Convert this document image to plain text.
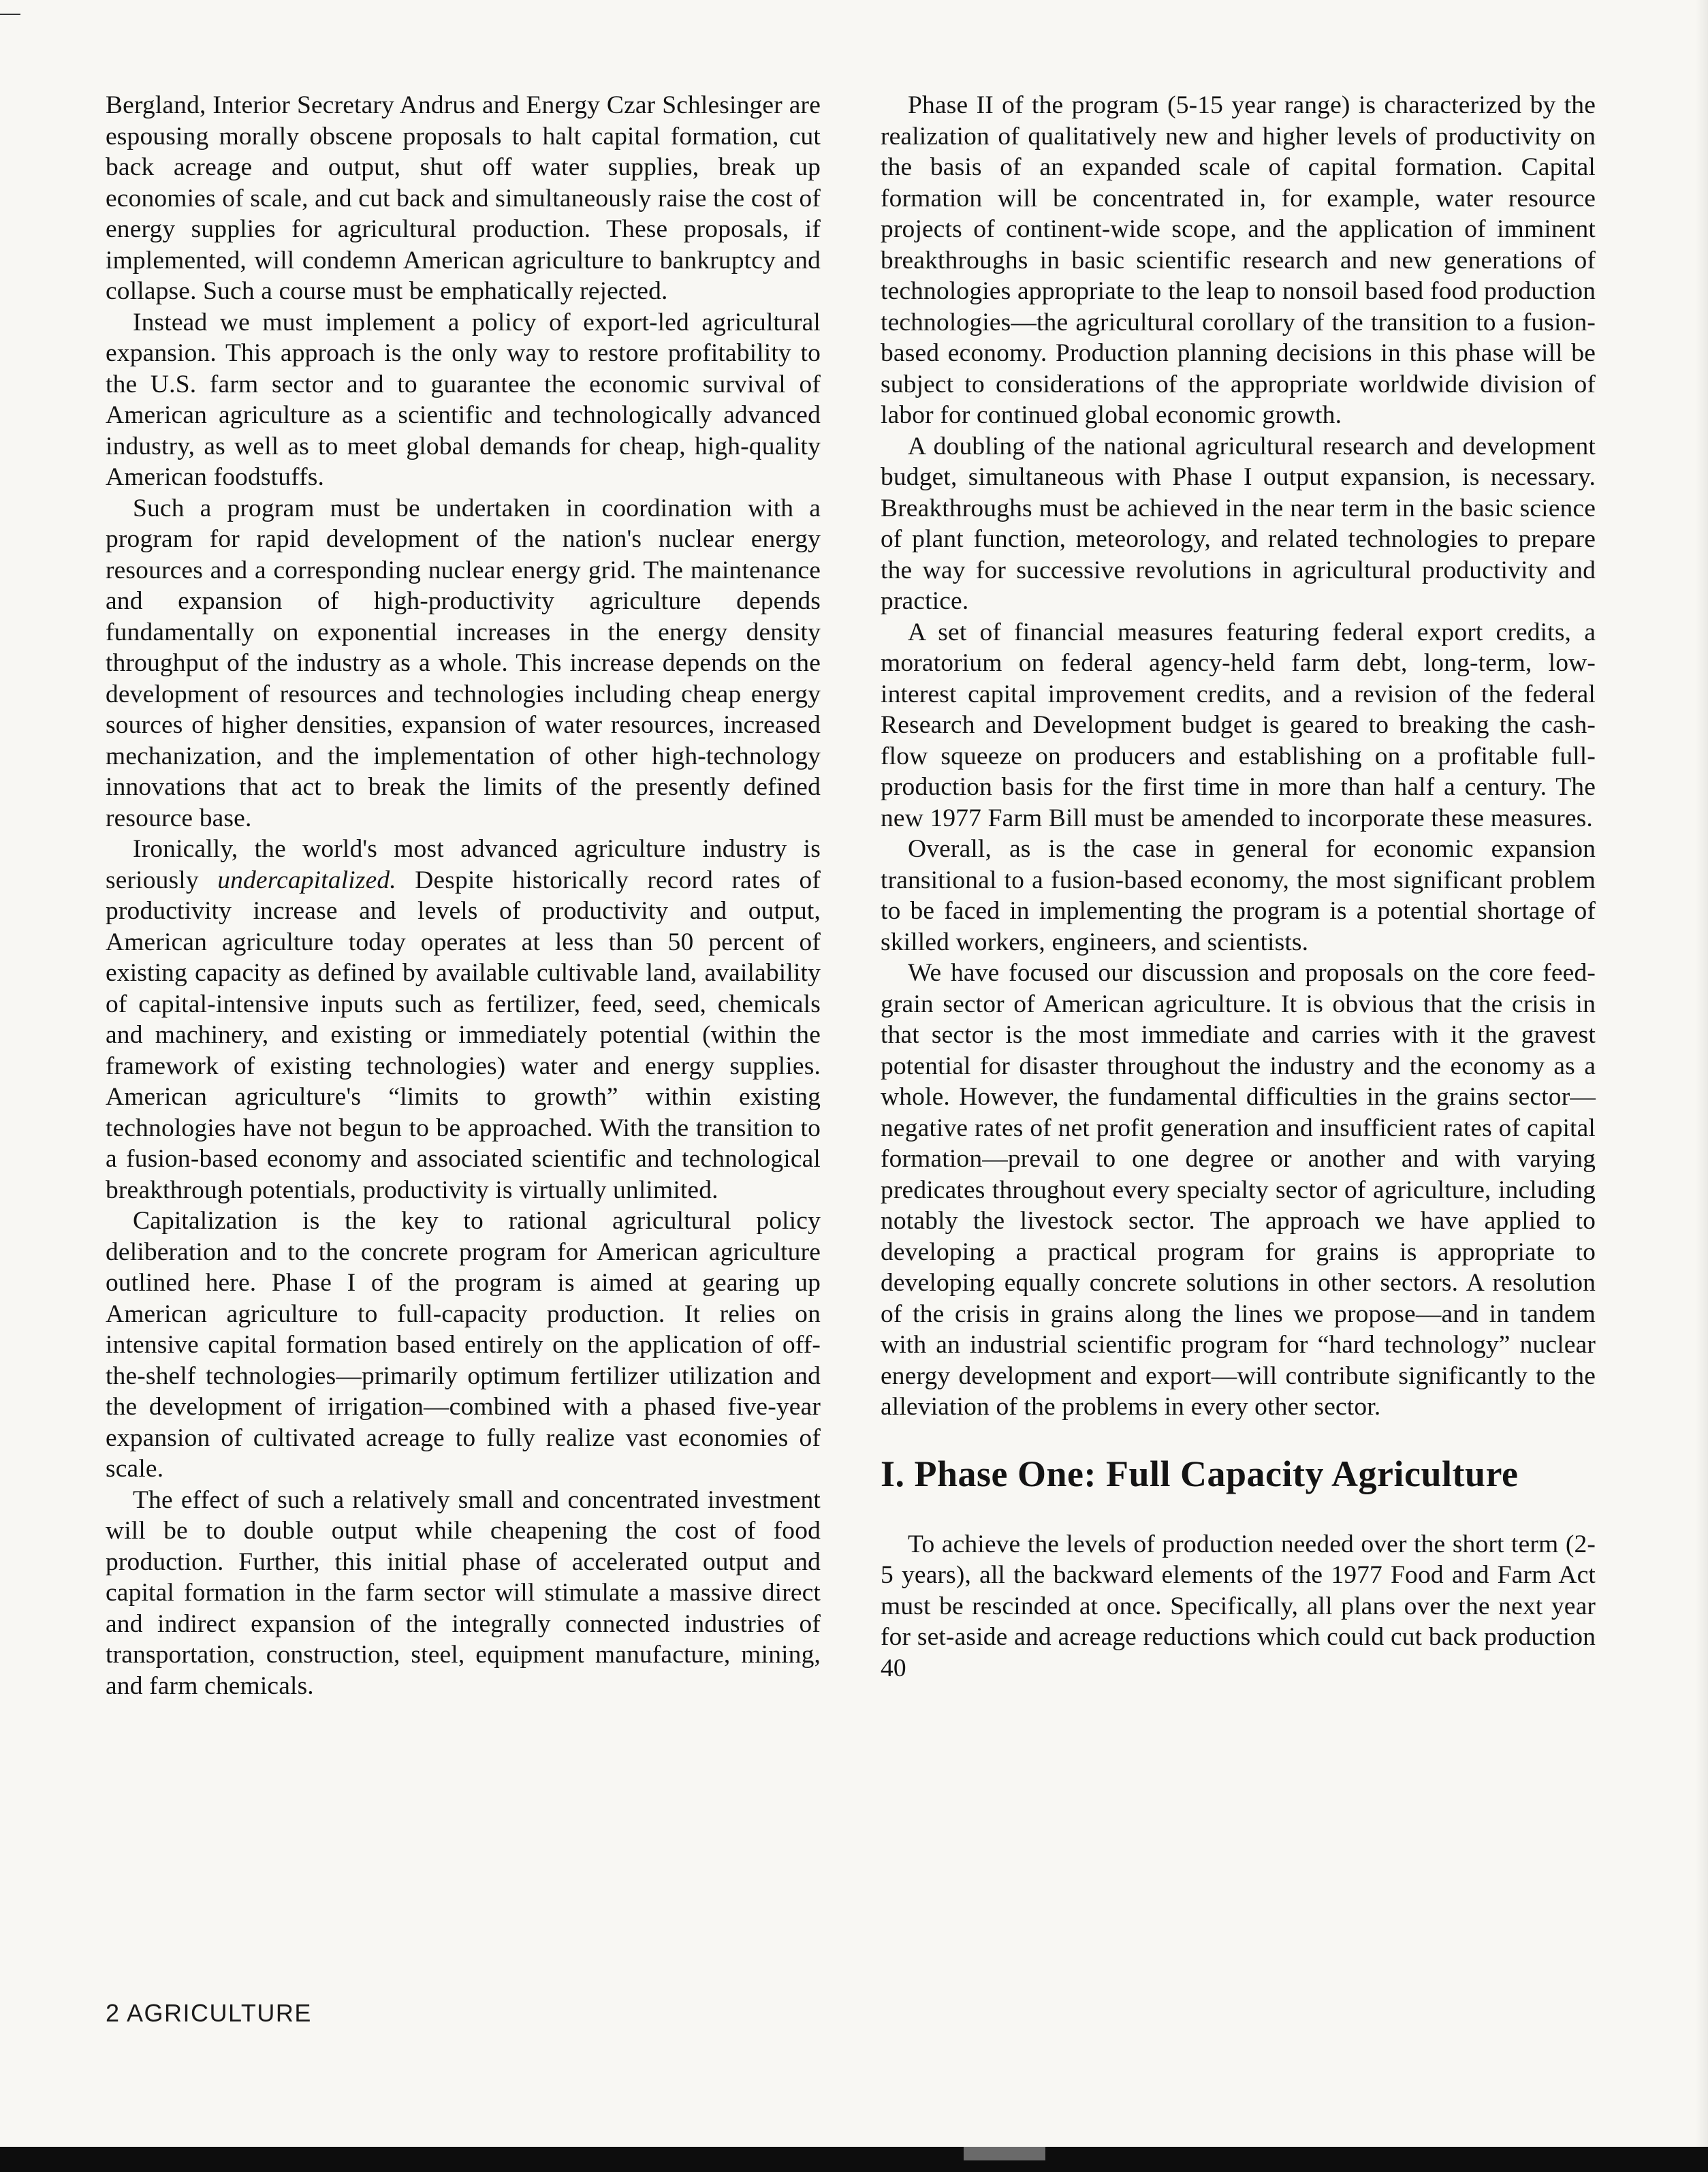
Bergland, Interior Secretary Andrus and Energy Czar Schlesinger are espousing morally obscene proposals to halt capital formation, cut back acreage and output, shut off water supplies, break up economies of scale, and cut back and simultaneously raise the cost of energy supplies for agricultural production. These proposals, if implemented, will condemn American agriculture to bankruptcy and collapse. Such a course must be emphatically rejected.

Instead we must implement a policy of export-led agricultural expansion. This approach is the only way to restore profitability to the U.S. farm sector and to guarantee the economic survival of American agriculture as a scientific and technologically advanced industry, as well as to meet global demands for cheap, high-quality American foodstuffs.

Such a program must be undertaken in coordination with a program for rapid development of the nation's nuclear energy resources and a corresponding nuclear energy grid. The maintenance and expansion of high-productivity agriculture depends fundamentally on exponential increases in the energy density throughput of the industry as a whole. This increase depends on the development of resources and technologies including cheap energy sources of higher densities, expansion of water resources, increased mechanization, and the implementation of other high-technology innovations that act to break the limits of the presently defined resource base.

Ironically, the world's most advanced agriculture industry is seriously undercapitalized. Despite historically record rates of productivity increase and levels of productivity and output, American agriculture today operates at less than 50 percent of existing capacity as defined by available cultivable land, availability of capital-intensive inputs such as fertilizer, feed, seed, chemicals and machinery, and existing or immediately potential (within the framework of existing technologies) water and energy supplies. American agriculture's “limits to growth” within existing technologies have not begun to be approached. With the transition to a fusion-based economy and associated scientific and technological breakthrough potentials, productivity is virtually unlimited.

Capitalization is the key to rational agricultural policy deliberation and to the concrete program for American agriculture outlined here. Phase I of the program is aimed at gearing up American agriculture to full-capacity production. It relies on intensive capital formation based entirely on the application of off-the-shelf technologies—primarily optimum fertilizer utilization and the development of irrigation—combined with a phased five-year expansion of cultivated acreage to fully realize vast economies of scale.

The effect of such a relatively small and concentrated investment will be to double output while cheapening the cost of food production. Further, this initial phase of accelerated output and capital formation in the farm sector will stimulate a massive direct and indirect expansion of the integrally connected industries of transportation, construction, steel, equipment manufacture, mining, and farm chemicals.

Phase II of the program (5-15 year range) is characterized by the realization of qualitatively new and higher levels of productivity on the basis of an expanded scale of capital formation. Capital formation will be concentrated in, for example, water resource projects of continent-wide scope, and the application of imminent breakthroughs in basic scientific research and new generations of technologies appropriate to the leap to nonsoil based food production technologies—the agricultural corollary of the transition to a fusion-based economy. Production planning decisions in this phase will be subject to considerations of the appropriate worldwide division of labor for continued global economic growth.

A doubling of the national agricultural research and development budget, simultaneous with Phase I output expansion, is necessary. Breakthroughs must be achieved in the near term in the basic science of plant function, meteorology, and related technologies to prepare the way for successive revolutions in agricultural productivity and practice.

A set of financial measures featuring federal export credits, a moratorium on federal agency-held farm debt, long-term, low-interest capital improvement credits, and a revision of the federal Research and Development budget is geared to breaking the cash-flow squeeze on producers and establishing on a profitable full-production basis for the first time in more than half a century. The new 1977 Farm Bill must be amended to incorporate these measures.

Overall, as is the case in general for economic expansion transitional to a fusion-based economy, the most significant problem to be faced in implementing the program is a potential shortage of skilled workers, engineers, and scientists.

We have focused our discussion and proposals on the core feed-grain sector of American agriculture. It is obvious that the crisis in that sector is the most immediate and carries with it the gravest potential for disaster throughout the industry and the economy as a whole. However, the fundamental difficulties in the grains sector—negative rates of net profit generation and insufficient rates of capital formation—prevail to one degree or another and with varying predicates throughout every specialty sector of agriculture, including notably the livestock sector. The approach we have applied to developing a practical program for grains is appropriate to developing equally concrete solutions in other sectors. A resolution of the crisis in grains along the lines we propose—and in tandem with an industrial scientific program for “hard technology” nuclear energy development and export—will contribute significantly to the alleviation of the problems in every other sector.

I. Phase One: Full Capacity Agriculture

To achieve the levels of production needed over the short term (2-5 years), all the backward elements of the 1977 Food and Farm Act must be rescinded at once. Specifically, all plans over the next year for set-aside and acreage reductions which could cut back production 40

2 AGRICULTURE
